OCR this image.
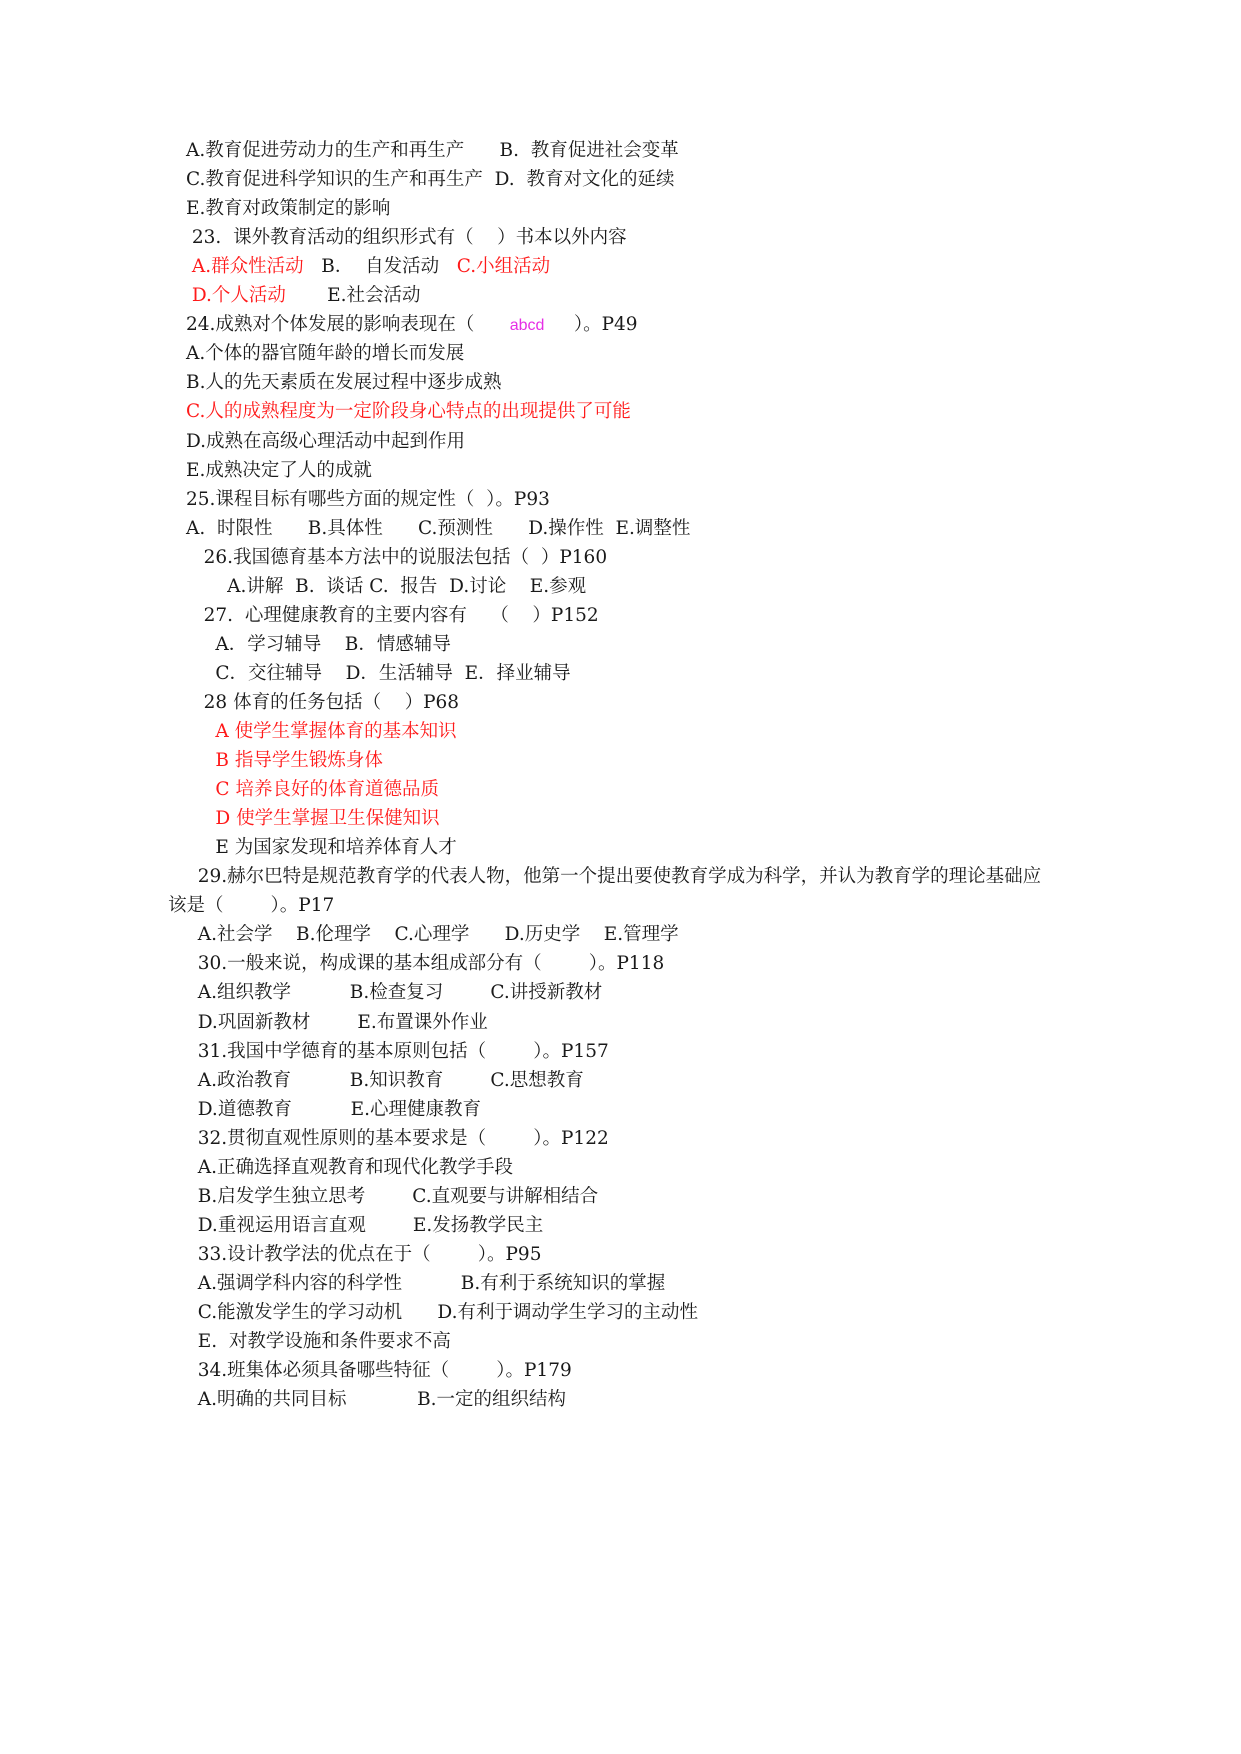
A.教育促进劳动力的生产和再生产      B.  教育促进社会变革
C.教育促进科学知识的生产和再生产  D.  教育对文化的延续
E.教育对政策制定的影响
23.  课外教育活动的组织形式有（    ）书本以外内容
A.群众性活动   B．  自发活动   C.小组活动
D.个人活动       E.社会活动
24.成熟对个体发展的影响表现在（      abcd     ）。P49
A.个体的器官随年龄的增长而发展
B.人的先天素质在发展过程中逐步成熟
C.人的成熟程度为一定阶段身心特点的出现提供了可能
D.成熟在高级心理活动中起到作用
E.成熟决定了人的成就
25.课程目标有哪些方面的规定性（  ）。P93
A.  时限性      B.具体性      C.预测性      D.操作性  E.调整性
26.我国德育基本方法中的说服法包括（  ）P160
A.讲解  B.  谈话 C.  报告  D.讨论    E.参观
27.  心理健康教育的主要内容有    （    ）P152
A．学习辅导    B．情感辅导
C．交往辅导    D．生活辅导  E．择业辅导
28 体育的任务包括（    ）P68
A 使学生掌握体育的基本知识
B 指导学生锻炼身体
C 培养良好的体育道德品质
D 使学生掌握卫生保健知识
E 为国家发现和培养体育人才
29.赫尔巴特是规范教育学的代表人物，他第一个提出要使教育学成为科学，并认为教育学的理论基础应
该是（        ）。P17
A.社会学    B.伦理学    C.心理学      D.历史学    E.管理学
30.一般来说，构成课的基本组成部分有（        ）。P118
A.组织教学          B.检查复习        C.讲授新教材
D.巩固新教材        E.布置课外作业
31.我国中学德育的基本原则包括（        ）。P157
A.政治教育          B.知识教育        C.思想教育
D.道德教育          E.心理健康教育
32.贯彻直观性原则的基本要求是（        ）。P122
A.正确选择直观教育和现代化教学手段
B.启发学生独立思考        C.直观要与讲解相结合
D.重视运用语言直观        E.发扬教学民主
33.设计教学法的优点在于（        ）。P95
A.强调学科内容的科学性          B.有利于系统知识的掌握
C.能激发学生的学习动机      D.有利于调动学生学习的主动性
E.  对教学设施和条件要求不高
34.班集体必须具备哪些特征（        ）。P179
A.明确的共同目标            B.一定的组织结构
